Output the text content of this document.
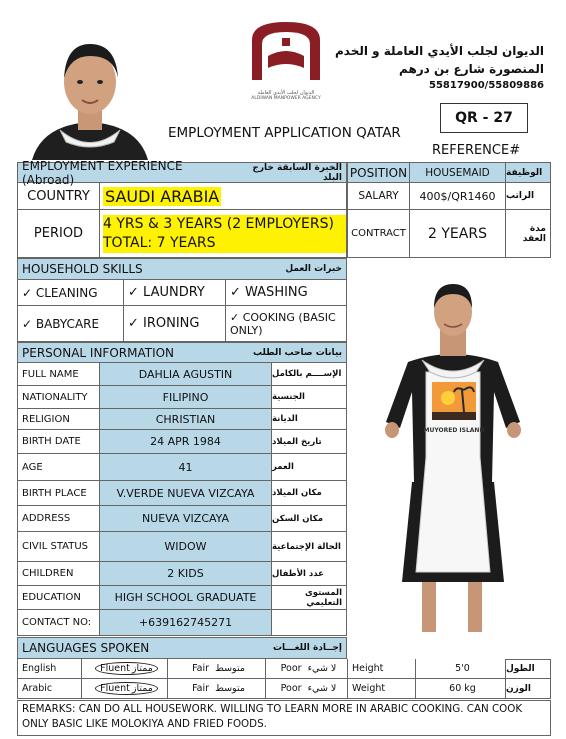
الديوان لجلب الأيدي العاملة
ALDIWAN MANPOWER AGENCY
الديوان لجلب الأيدي العاملة و الخدم
المنصورة شارع بن درهم
55817900/55809886
EMPLOYMENT APPLICATION QATAR
QR - 27
REFERENCE#
EMPLOYMENT EXPERIENCE (Abroad)
الخبرة السابقة خارج البلد
COUNTRY SAUDI ARABIA
PERIOD
4 YRS & 3 YEARS (2 EMPLOYERS) TOTAL: 7 YEARS
POSITION	HOUSEMAID	الوظيفة
SALARY	400$/QR1460	الراتب
CONTRACT	2 YEARS	مدة العقد
HOUSEHOLD SKILLS	خبرات العمل
✓ CLEANING	✓ LAUNDRY	✓ WASHING
✓ BABYCARE	✓ IRONING	✓ COOKING (BASIC ONLY)
PERSONAL INFORMATION	بيانات صاحب الطلب
FULL NAME	DAHLIA AGUSTIN	الإســــم بالكامل
NATIONALITY	FILIPINO	الجنسية
RELIGION	CHRISTIAN	الديانة
BIRTH DATE	24 APR 1984	تاريخ الميلاد
AGE	41	العمر
BIRTH PLACE	V.VERDE NUEVA VIZCAYA	مكان الميلاد
ADDRESS	NUEVA VIZCAYA	مكان السكن
CIVIL STATUS	WIDOW	الحالة الإجتماعية
CHILDREN	2 KIDS	عدد الأطفال
EDUCATION	HIGH SCHOOL GRADUATE	المستوى التعليمي
CONTACT NO:	+639162745271
MUYORED ISLAND
LANGUAGES SPOKEN	إجــادة اللغـــات
English	Fluent ممتاز	Fair متوسط	Poor لا شيء	Height	5'0	الطول
Arabic	Fluent ممتاز	Fair متوسط	Poor لا شيء	Weight	60 kg	الوزن
REMARKS: CAN DO ALL HOUSEWORK. WILLING TO LEARN MORE IN ARABIC COOKING. CAN COOK ONLY BASIC LIKE MOLOKIYA AND FRIED FOODS.
